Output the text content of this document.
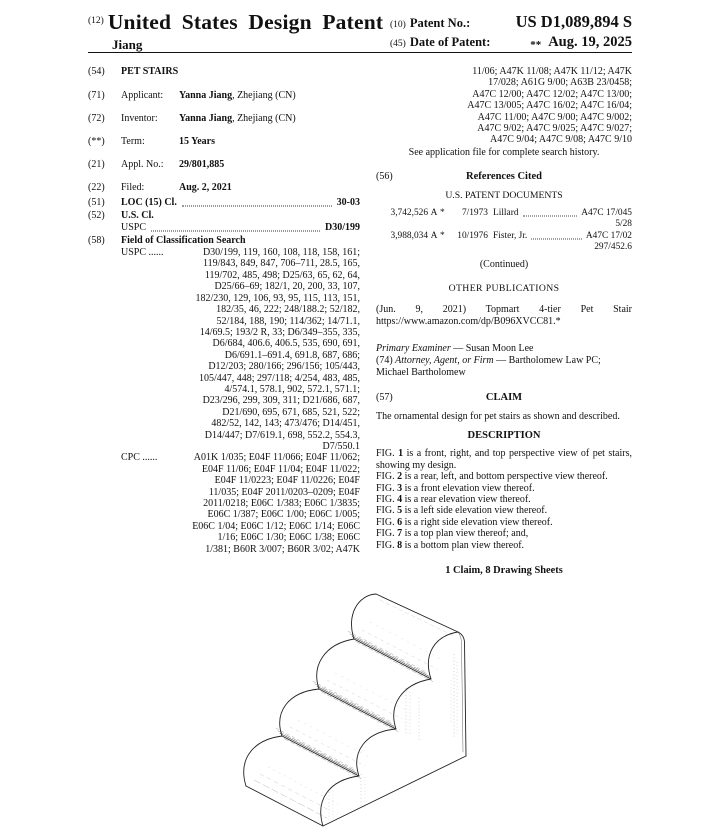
$^{(12)}$ United States Design Patent
Jiang
(10) Patent No.:	US D1,089,894 S
(45) Date of Patent:	** Aug. 19, 2025
(54)	PET STAIRS
(71)	Applicant:	Yanna Jiang, Zhejiang (CN)
(72)	Inventor:	Yanna Jiang, Zhejiang (CN)
(**)	Term:	15 Years
(21)	Appl. No.:	29/801,885
(22)	Filed:	Aug. 2, 2021
(51)	LOC (15) Cl.	30-03
(52)	U.S. Cl.
USPC	D30/199
(58)	Field of Classification Search
USPC ......	D30/199, 119, 160, 108, 118, 158, 161;
119/843, 849, 847, 706–711, 28.5, 165,
119/702, 485, 498; D25/63, 65, 62, 64,
D25/66–69; 182/1, 20, 200, 33, 107,
182/230, 129, 106, 93, 95, 115, 113, 151,
182/35, 46, 222; 248/188.2; 52/182,
52/184, 188, 190; 114/362; 14/71.1,
14/69.5; 193/2 R, 33; D6/349–355, 335,
D6/684, 406.6, 406.5, 535, 690, 691,
D6/691.1–691.4, 691.8, 687, 686;
D12/203; 280/166; 296/156; 105/443,
105/447, 448; 297/118; 4/254, 483, 485,
4/574.1, 578.1, 902, 572.1, 571.1;
D23/296, 299, 309, 311; D21/686, 687,
D21/690, 695, 671, 685, 521, 522;
482/52, 142, 143; 473/476; D14/451,
D14/447; D7/619.1, 698, 552.2, 554.3,
D7/550.1
CPC ......	A01K 1/035; E04F 11/066; E04F 11/062;
E04F 11/06; E04F 11/04; E04F 11/022;
E04F 11/0223; E04F 11/0226; E04F
11/035; E04F 2011/0203–0209; E04F
2011/0218; E06C 1/383; E06C 1/3835;
E06C 1/387; E06C 1/00; E06C 1/005;
E06C 1/04; E06C 1/12; E06C 1/14; E06C
1/16; E06C 1/30; E06C 1/38; E06C
1/381; B60R 3/007; B60R 3/02; A47K
11/06; A47K 11/08; A47K 11/12; A47K
17/028; A61G 9/00; A63B 23/0458;
A47C 12/00; A47C 12/02; A47C 13/00;
A47C 13/005; A47C 16/02; A47C 16/04;
A47C 11/00; A47C 9/00; A47C 9/002;
A47C 9/02; A47C 9/025; A47C 9/027;
A47C 9/04; A47C 9/08; A47C 9/10
See application file for complete search history.
(56)	References Cited
U.S. PATENT DOCUMENTS
3,742,526 A *	7/1973 Lillard	A47C 17/045
5/28
3,988,034 A *	10/1976 Fister, Jr.	A47C 17/02
297/452.6
(Continued)
OTHER PUBLICATIONS
(Jun. 9, 2021) Topmart 4-tier Pet Stair https://www.amazon.com/dp/B096XVCC81.*
Primary Examiner — Susan Moon Lee
(74) Attorney, Agent, or Firm — Bartholomew Law PC; Michael Bartholomew
(57)	CLAIM
The ornamental design for pet stairs as shown and described.
DESCRIPTION
FIG. 1 is a front, right, and top perspective view of pet stairs, showing my design.
FIG. 2 is a rear, left, and bottom perspective view thereof.
FIG. 3 is a front elevation view thereof.
FIG. 4 is a rear elevation view thereof.
FIG. 5 is a left side elevation view thereof.
FIG. 6 is a right side elevation view thereof.
FIG. 7 is a top plan view thereof; and,
FIG. 8 is a bottom plan view thereof.
1 Claim, 8 Drawing Sheets
